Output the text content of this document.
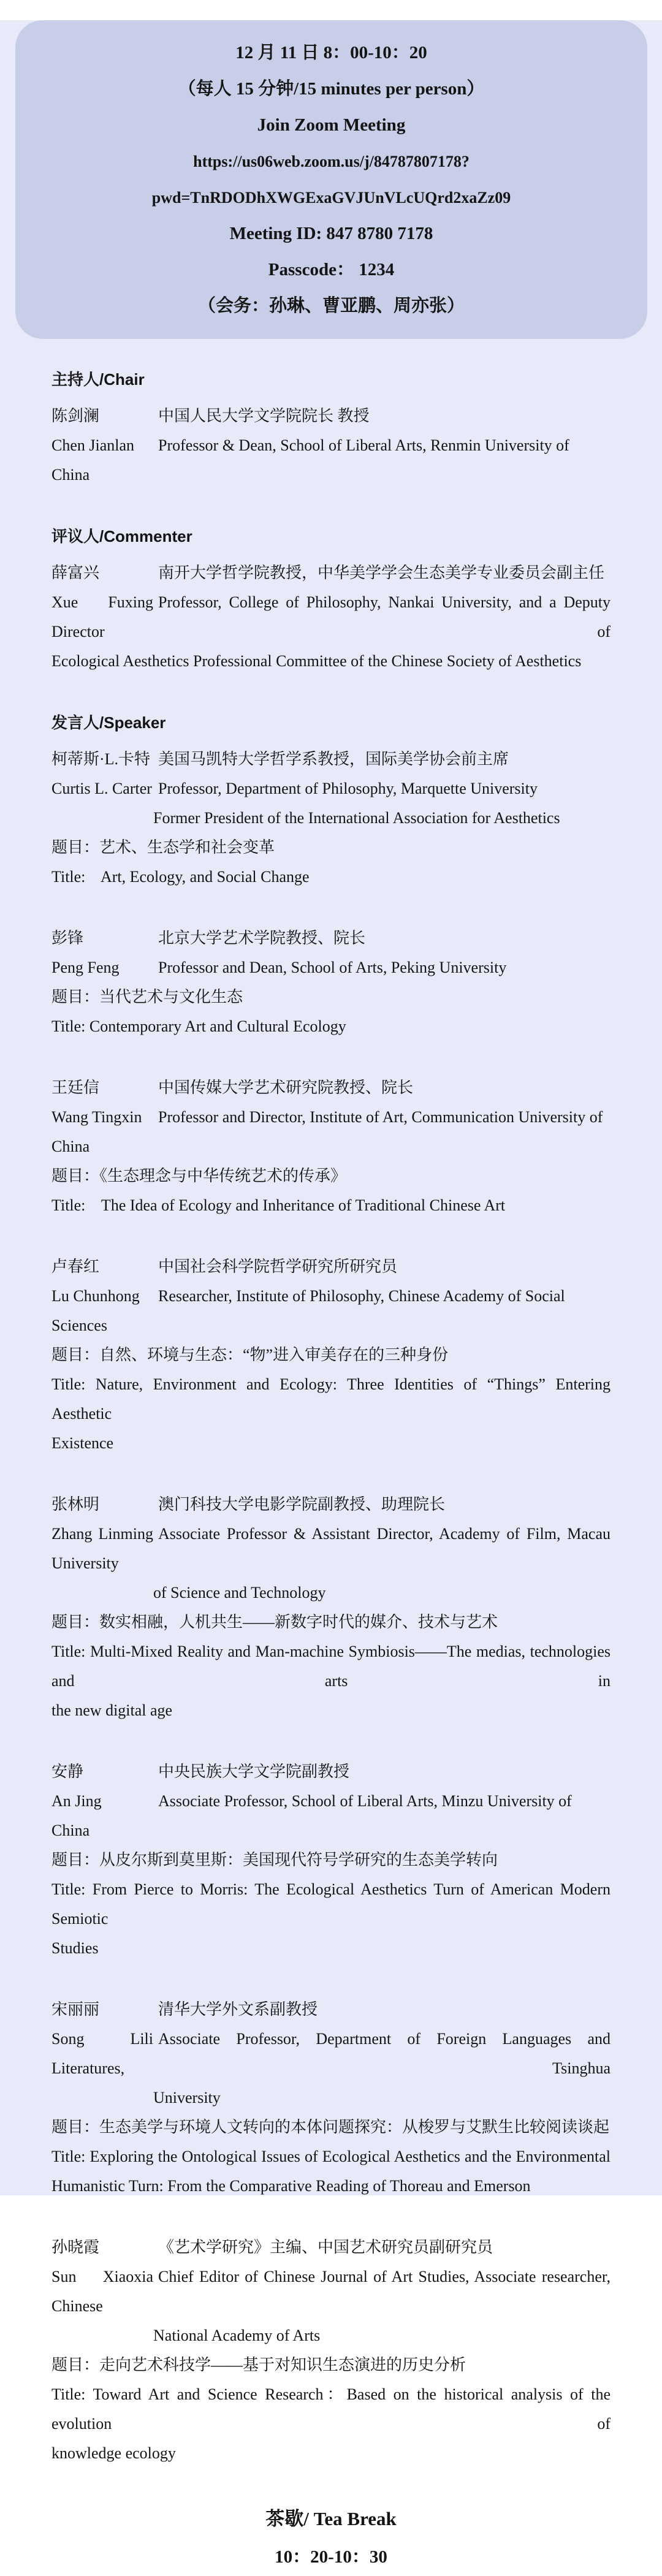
12 月 11 日 8：00-10：20
（每人 15 分钟/15 minutes per person）
Join Zoom Meeting
https://us06web.zoom.us/j/84787807178?pwd=TnRDODhXWGExaGVJUnVLcUQrd2xaZz09
Meeting ID: 847 8780 7178
Passcode： 1234
（会务：孙琳、曹亚鹏、周亦张）
主持人/Chair
陈剑澜	中国人民大学文学院院长 教授
Chen Jianlan Professor & Dean, School of Liberal Arts, Renmin University of China
评议人/Commenter
薛富兴	南开大学哲学院教授，中华美学学会生态美学专业委员会副主任
Xue Fuxing Professor, College of Philosophy, Nankai University, and a Deputy Director of
Ecological Aesthetics Professional Committee of the Chinese Society of Aesthetics
发言人/Speaker
柯蒂斯·L.卡特 美国马凯特大学哲学系教授，国际美学协会前主席
Curtis L. Carter Professor, Department of Philosophy, Marquette University
Former President of the International Association for Aesthetics
题目：艺术、生态学和社会变革
Title:    Art, Ecology, and Social Change
彭锋	北京大学艺术学院教授、院长
Peng Feng Professor and Dean, School of Arts, Peking University
题目：当代艺术与文化生态
Title: Contemporary Art and Cultural Ecology
王廷信	中国传媒大学艺术研究院教授、院长
Wang Tingxin Professor and Director, Institute of Art, Communication University of China
题目：《生态理念与中华传统艺术的传承》
Title:    The Idea of Ecology and Inheritance of Traditional Chinese Art
卢春红	中国社会科学院哲学研究所研究员
Lu Chunhong Researcher, Institute of Philosophy, Chinese Academy of Social Sciences
题目：自然、环境与生态：“物”进入审美存在的三种身份
Title: Nature, Environment and Ecology: Three Identities of “Things” Entering Aesthetic
Existence
张林明	澳门科技大学电影学院副教授、助理院长
Zhang Linming Associate Professor & Assistant Director, Academy of Film, Macau University
of Science and Technology
题目：数实相融，人机共生——新数字时代的媒介、技术与艺术
Title: Multi-Mixed Reality and Man-machine Symbiosis——The medias, technologies and arts in
the new digital age
安静	中央民族大学文学院副教授
An Jing	Associate Professor, School of Liberal Arts, Minzu University of China
题目：从皮尔斯到莫里斯：美国现代符号学研究的生态美学转向
Title: From Pierce to Morris: The Ecological Aesthetics Turn of American Modern Semiotic
Studies
宋丽丽	清华大学外文系副教授
Song Lili Associate Professor, Department of Foreign Languages and Literatures, Tsinghua
University
题目：生态美学与环境人文转向的本体问题探究：从梭罗与艾默生比较阅读谈起
Title: Exploring the Ontological Issues of Ecological Aesthetics and the Environmental
Humanistic Turn: From the Comparative Reading of Thoreau and Emerson
孙晓霞	《艺术学研究》主编、中国艺术研究员副研究员
Sun Xiaoxia Chief Editor of Chinese Journal of Art Studies, Associate researcher, Chinese
National Academy of Arts
题目：走向艺术科技学——基于对知识生态演进的历史分析
Title: Toward Art and Science Research：Based on the historical analysis of the evolution of
knowledge ecology
茶歇/ Tea Break
10：20-10：30
